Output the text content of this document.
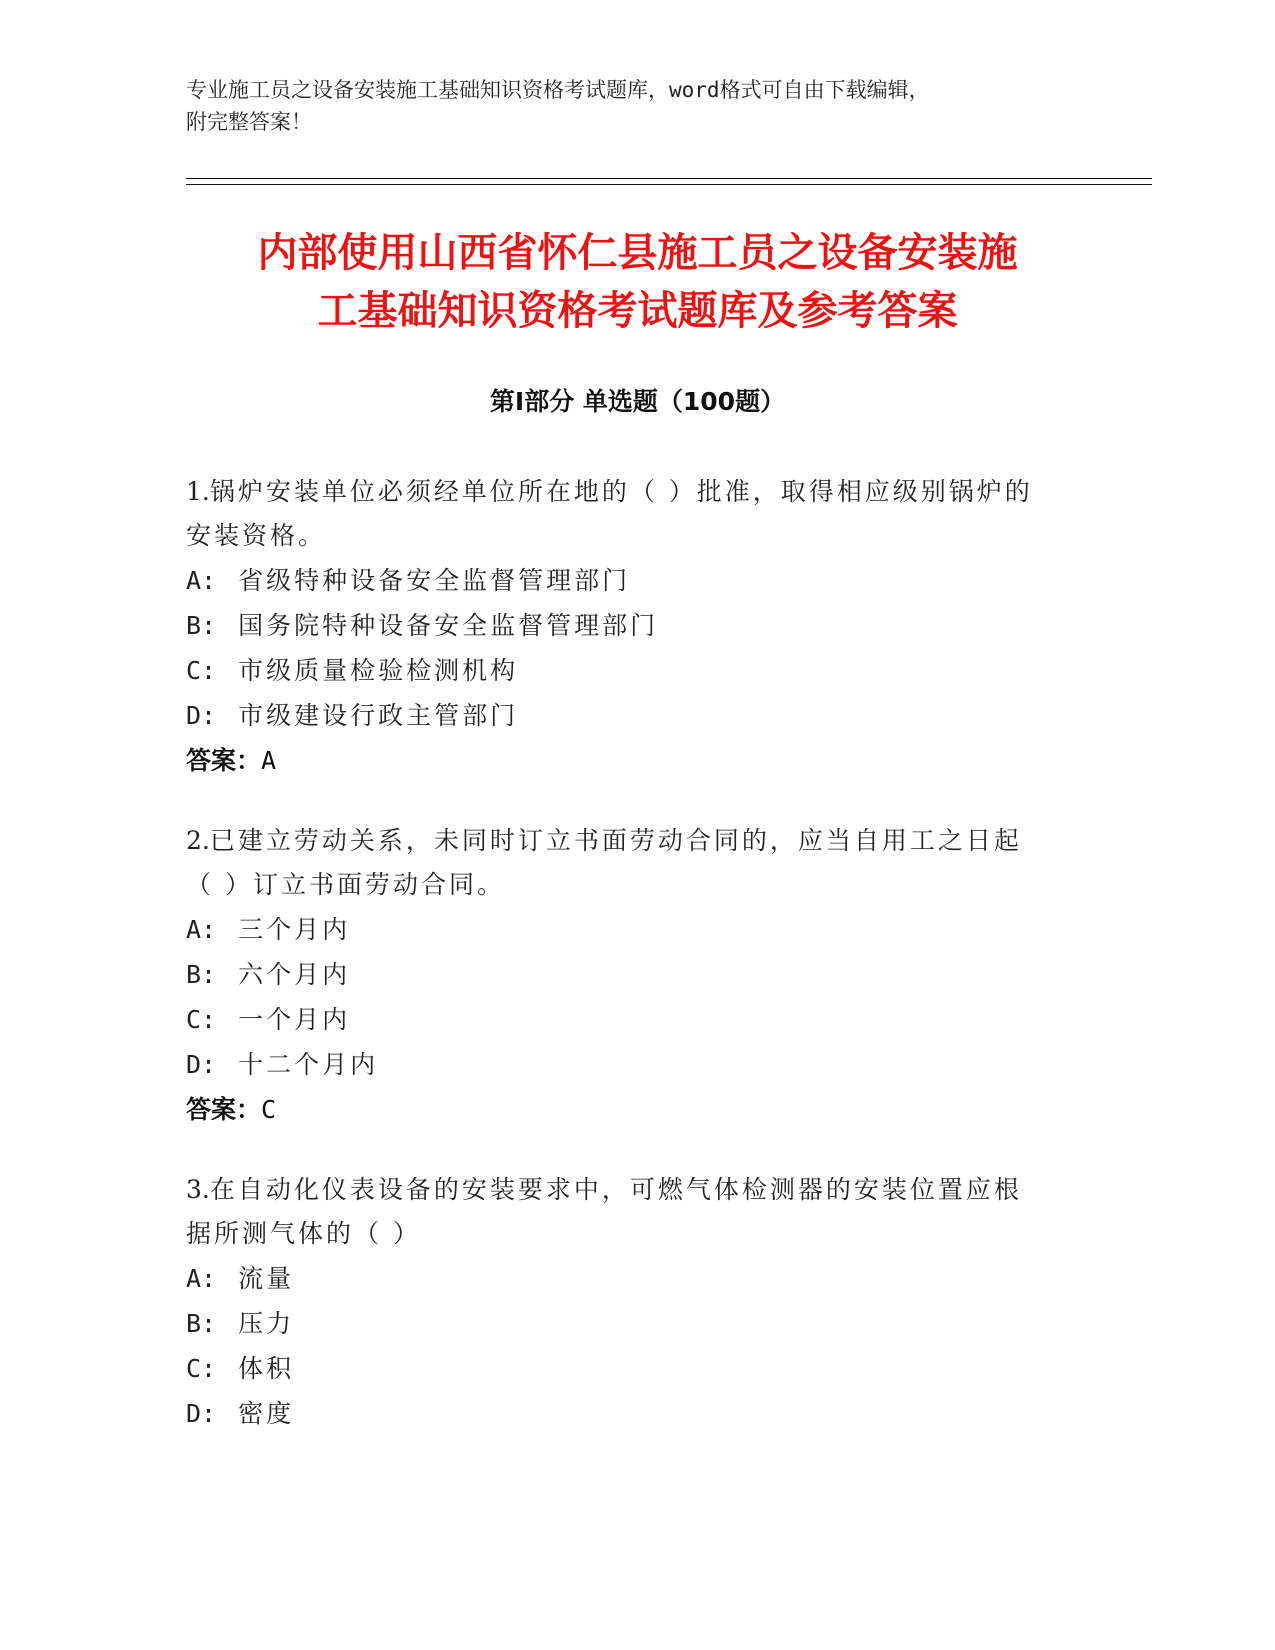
专业施工员之设备安装施工基础知识资格考试题库，word格式可自由下载编辑，
附完整答案！
内部使用山西省怀仁县施工员之设备安装施
工基础知识资格考试题库及参考答案
第Ⅰ部分 单选题（100题）

1.锅炉安装单位必须经单位所在地的（ ）批准，取得相应级别锅炉的
安装资格。

A: 省级特种设备安全监督管理部门

B: 国务院特种设备安全监督管理部门

C: 市级质量检验检测机构

D: 市级建设行政主管部门

答案：A

2.已建立劳动关系，未同时订立书面劳动合同的，应当自用工之日起
（ ）订立书面劳动合同。

A: 三个月内

B: 六个月内

C: 一个月内

D: 十二个月内

答案：C

3.在自动化仪表设备的安装要求中，可燃气体检测器的安装位置应根
据所测气体的（ ）

A: 流量

B: 压力

C: 体积

D: 密度
